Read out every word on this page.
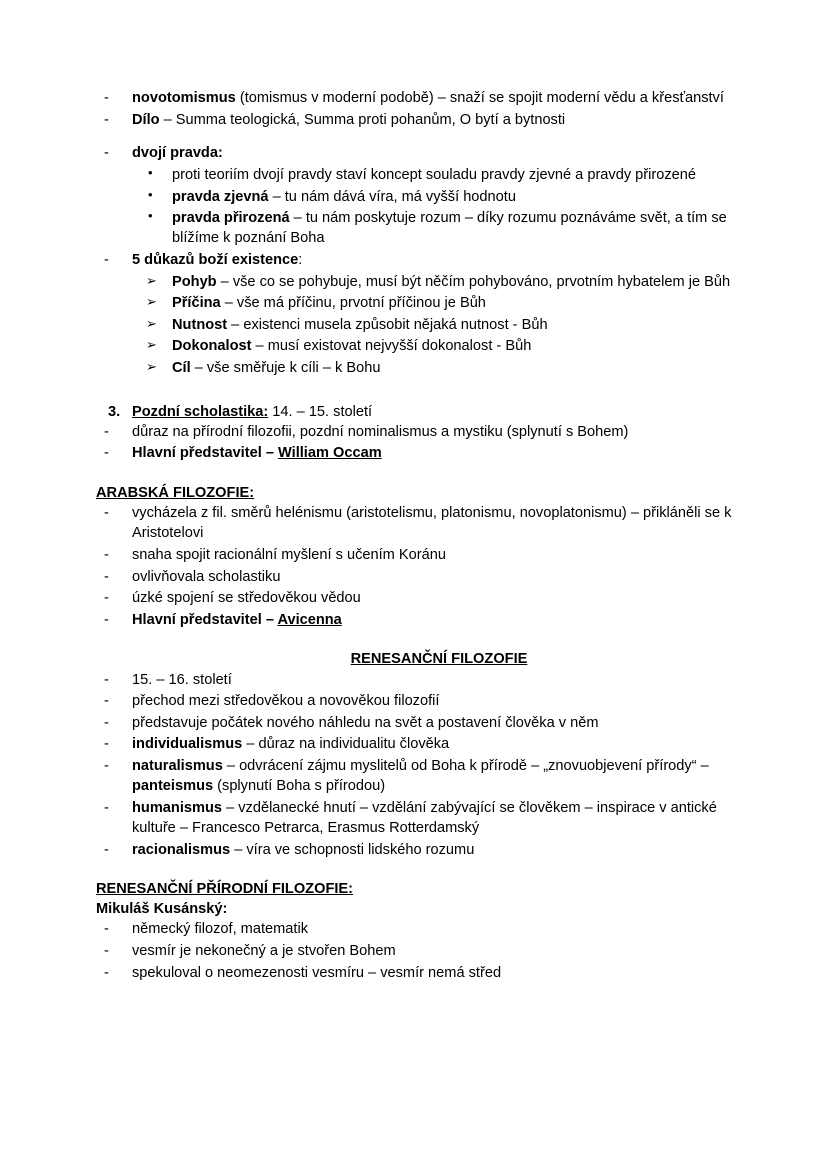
- novotomismus (tomismus v moderní podobě) – snaží se spojit moderní vědu a křesťanství
- Dílo – Summa teologická, Summa proti pohanům, O bytí a bytnosti
- dvojí pravda:
• proti teoriím dvojí pravdy staví koncept souladu pravdy zjevné a pravdy přirozené
• pravda zjevná – tu nám dává víra, má vyšší hodnotu
• pravda přirozená – tu nám poskytuje rozum – díky rozumu poznáváme svět, a tím se blížíme k poznání Boha
- 5 důkazů boží existence:
➢ Pohyb – vše co se pohybuje, musí být něčím pohybováno, prvotním hybatelem je Bůh
➢ Příčina – vše má příčinu, prvotní příčinou je Bůh
➢ Nutnost – existenci musela způsobit nějaká nutnost - Bůh
➢ Dokonalost – musí existovat nejvyšší dokonalost - Bůh
➢ Cíl – vše směřuje k cíli – k Bohu
3. Pozdní scholastika: 14. – 15. století
- důraz na přírodní filozofii, pozdní nominalismus a mystiku (splynutí s Bohem)
- Hlavní představitel – William Occam
ARABSKÁ FILOZOFIE:
- vycházela z fil. směrů helénismu (aristotelismu, platonismu, novoplatonismu) – přikláněli se k Aristotelovi
- snaha spojit racionální myšlení s učením Koránu
- ovlivňovala scholastiku
- úzké spojení se středověkou vědou
- Hlavní představitel – Avicenna
RENESANČNÍ FILOZOFIE
- 15. – 16. století
- přechod mezi středověkou a novověkou filozofií
- představuje počátek nového náhledu na svět a postavení člověka v něm
- individualismus – důraz na individualitu člověka
- naturalismus – odvrácení zájmu myslitelů od Boha k přírodě – „znovuobjevení přírody“ – panteismus (splynutí Boha s přírodou)
- humanismus – vzdělanecké hnutí – vzdělání zabývající se člověkem – inspirace v antické kultuře – Francesco Petrarca, Erasmus Rotterdamský
- racionalismus – víra ve schopnosti lidského rozumu
RENESANČNÍ PŘÍRODNÍ FILOZOFIE:
Mikuláš Kusánský:
- německý filozof, matematik
- vesmír je nekonečný a je stvořen Bohem
- spekuloval o neomezenosti vesmíru – vesmír nemá střed
